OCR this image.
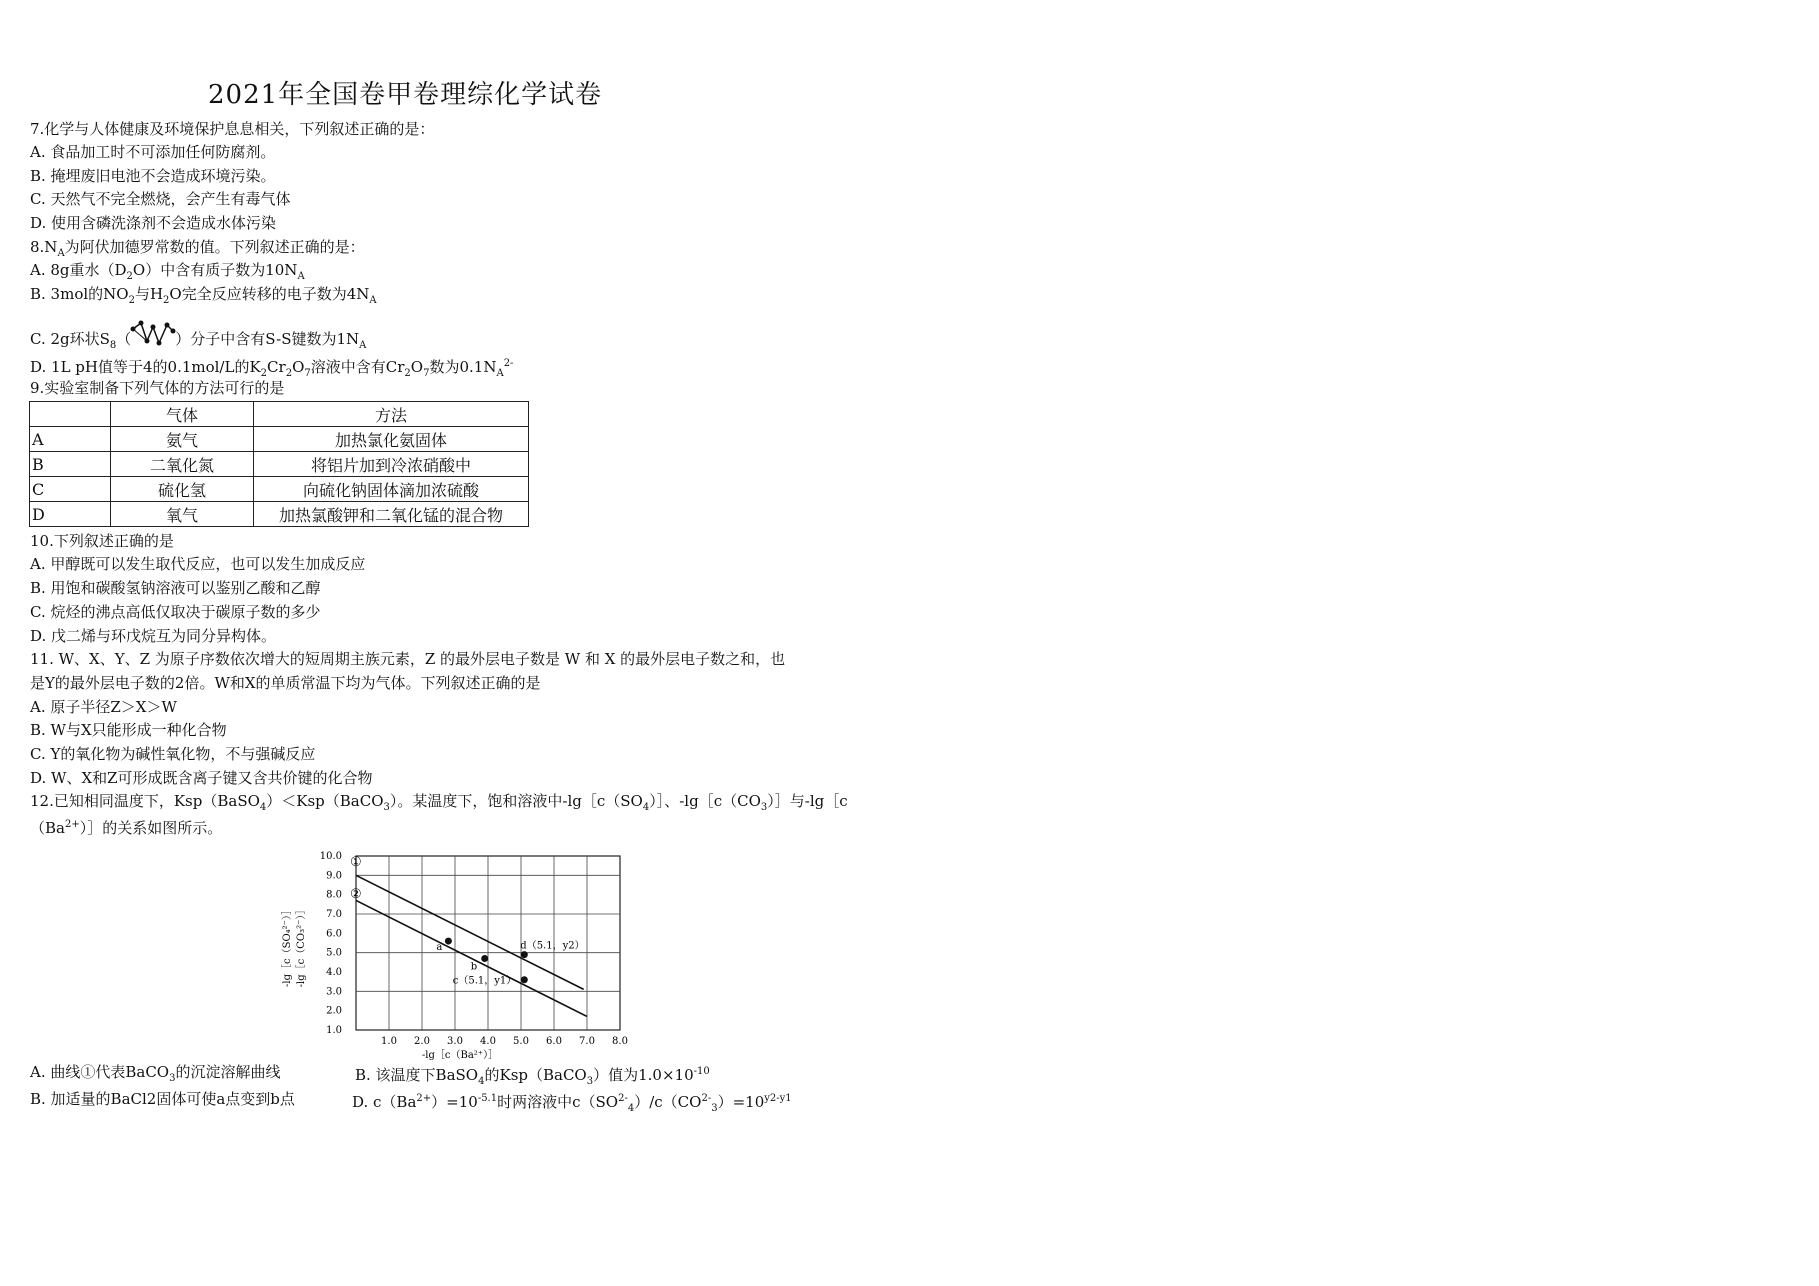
2021年全国卷甲卷理综化学试卷
7.化学与人体健康及环境保护息息相关，下列叙述正确的是：
A. 食品加工时不可添加任何防腐剂。
B. 掩埋废旧电池不会造成环境污染。
C. 天然气不完全燃烧，会产生有毒气体
D. 使用含磷洗涤剂不会造成水体污染
$8.N_A$为阿伏加德罗常数的值。下列叙述正确的是：
A. 8g重水$(D_2O)$中含有质子数为$10N_A$
B. 3mol的$NO_2$与$H_2O$完全反应转移的电子数为$4N_A$
C. 2g环状$S_8$（	）分子中含有S-S键数为$1N_A$
D. 1L pH值等于4的0.1mol/L的$K_2Cr_2O_7$溶液中含有$Cr_2O_7$数为$0.1N_A^{2-}$
9.实验室制备下列气体的方法可行的是
	气体	方法
A	氨气	加热氯化氨固体
B	二氧化氮	将铝片加到冷浓硝酸中
C	硫化氢	向硫化钠固体滴加浓硫酸
D	氧气	加热氯酸钾和二氧化锰的混合物
10.下列叙述正确的是
A. 甲醇既可以发生取代反应，也可以发生加成反应
B. 用饱和碳酸氢钠溶液可以鉴别乙酸和乙醇
C. 烷烃的沸点高低仅取决于碳原子数的多少
D. 戊二烯与环戊烷互为同分异构体。
11. W、X、Y、Z 为原子序数依次增大的短周期主族元素，Z 的最外层电子数是 W 和 X 的最外层电子数之和，也
是Y的最外层电子数的2倍。W和X的单质常温下均为气体。下列叙述正确的是
A. 原子半径Z＞X＞W
B. W与X只能形成一种化合物
C. Y的氧化物为碱性氧化物，不与强碱反应
D. W、X和Z可形成既含离子键又含共价键的化合物
12.已知相同温度下，Ksp（BaSO$_4$）＜Ksp（BaCO$_3$）。某温度下，饱和溶液中$-\lg[c(SO_4)]$、$-\lg[c(CO_3)]$与-lg［c
$(Ba^{2+})]$的关系如图所示。
1.0
2.0
3.0
4.0
5.0
6.0
7.0
8.0
9.0
10.0
1.0 2.0 3.0 4.0 5.0 6.0 7.0 8.0
a
b
d（5.1，y2）
c（5.1，y1）
-lg［c（SO₄²⁻）］ -lg［c（CO₃²⁻）］
-lg［c（Ba²⁺）］
①
②
A. 曲线①代表BaCO$_3$的沉淀溶解曲线	B. 该温度下BaSO$_4$的Ksp（BaCO$_3$）值为$1.0\times 10^{-10}$
B. 加适量的BaCl2固体可使a点变到b点	D. $c(Ba^{2+})=10^{-5.1}$时两溶液中$c(SO^{2-}_4)/c(CO^{2-}_3)=10^{y2-y1}$
